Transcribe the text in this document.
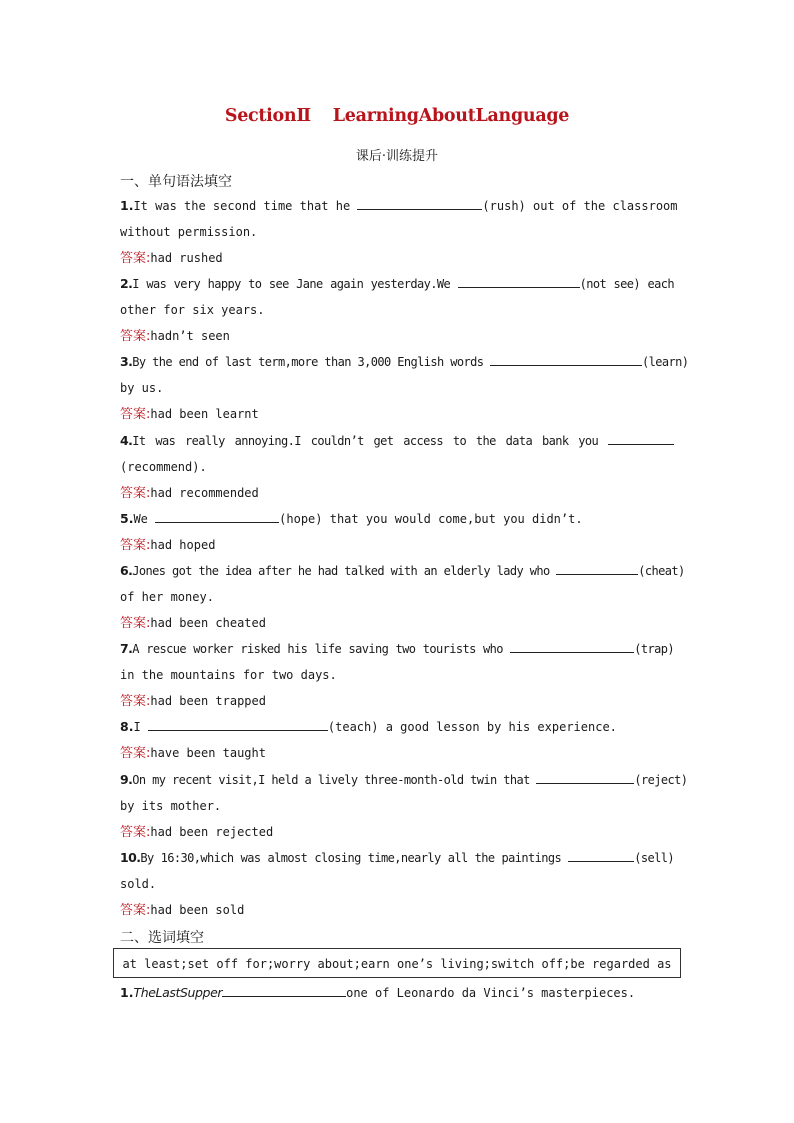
SectionⅡ LearningAboutLanguage
课后·训练提升
一、单句语法填空
1.It was the second time that he	(rush) out of the classroom
without permission.
答案:had rushed
2.I was very happy to see Jane again yesterday.We	(not see) each
other for six years.
答案:hadn’t seen
3.By the end of last term,more than 3,000 English words	(learn)
by us.
答案:had been learnt
4.It was really annoying.I couldn’t get access to the data bank you
(recommend).
答案:had recommended
5.We	(hope) that you would come,but you didn’t.
答案:had hoped
6.Jones got the idea after he had talked with an elderly lady who	(cheat)
of her money.
答案:had been cheated
7.A rescue worker risked his life saving two tourists who	(trap)
in the mountains for two days.
答案:had been trapped
8.I	(teach) a good lesson by his experience.
答案:have been taught
9.On my recent visit,I held a lively three-month-old twin that	(reject)
by its mother.
答案:had been rejected
10.By 16:30,which was almost closing time,nearly all the paintings	(sell)
sold.
答案:had been sold
二、选词填空
at least;set off for;worry about;earn one’s living;switch off;be regarded as
1.TheLastSupper	one of Leonardo da Vinci’s masterpieces.
